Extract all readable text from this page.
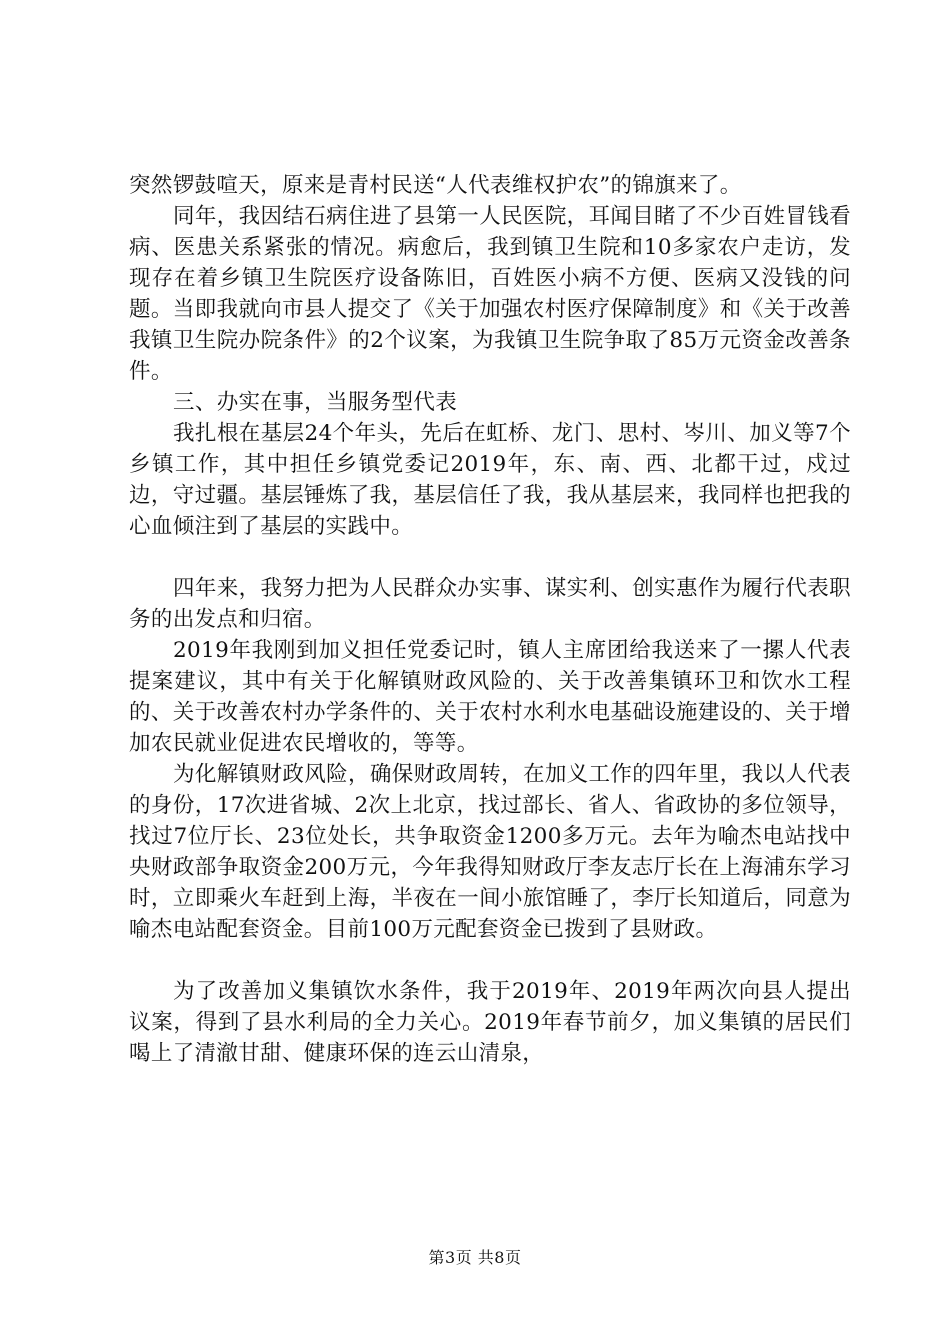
突然锣鼓喧天，原来是青村民送“人代表维权护农”的锦旗来了。

同年，我因结石病住进了县第一人民医院，耳闻目睹了不少百姓冒钱看病、医患关系紧张的情况。病愈后，我到镇卫生院和10多家农户走访，发现存在着乡镇卫生院医疗设备陈旧，百姓医小病不方便、医病又没钱的问题。当即我就向市县人提交了《关于加强农村医疗保障制度》和《关于改善我镇卫生院办院条件》的2个议案，为我镇卫生院争取了85万元资金改善条件。

三、办实在事，当服务型代表

我扎根在基层24个年头，先后在虹桥、龙门、思村、岑川、加义等7个乡镇工作，其中担任乡镇党委记2019年，东、南、西、北都干过，戍过边，守过疆。基层锤炼了我，基层信任了我，我从基层来，我同样也把我的心血倾注到了基层的实践中。

四年来，我努力把为人民群众办实事、谋实利、创实惠作为履行代表职务的出发点和归宿。

2019年我刚到加义担任党委记时，镇人主席团给我送来了一摞人代表提案建议，其中有关于化解镇财政风险的、关于改善集镇环卫和饮水工程的、关于改善农村办学条件的、关于农村水利水电基础设施建设的、关于增加农民就业促进农民增收的，等等。

为化解镇财政风险，确保财政周转，在加义工作的四年里，我以人代表的身份，17次进省城、2次上北京，找过部长、省人、省政协的多位领导，找过7位厅长、23位处长，共争取资金1200多万元。去年为喻杰电站找中央财政部争取资金200万元，今年我得知财政厅李友志厅长在上海浦东学习时，立即乘火车赶到上海，半夜在一间小旅馆睡了，李厅长知道后，同意为喻杰电站配套资金。目前100万元配套资金已拨到了县财政。

为了改善加义集镇饮水条件，我于2019年、2019年两次向县人提出议案，得到了县水利局的全力关心。2019年春节前夕，加义集镇的居民们喝上了清澈甘甜、健康环保的连云山清泉，

第3页 共8页
